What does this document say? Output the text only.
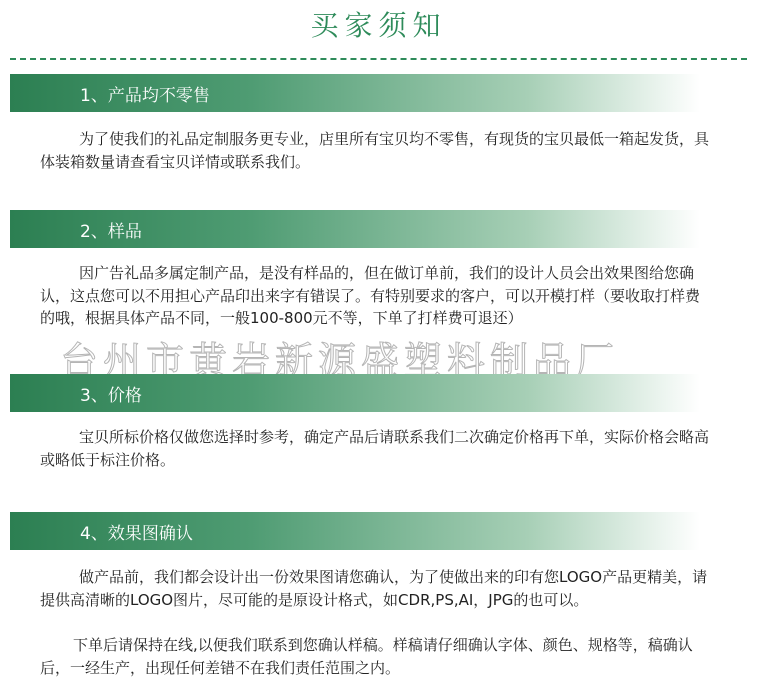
买家须知
1、产品均不零售

为了使我们的礼品定制服务更专业，店里所有宝贝均不零售，有现货的宝贝最低一箱起发货，具体装箱数量请查看宝贝详情或联系我们。

2、样品

因广告礼品多属定制产品，是没有样品的，但在做订单前，我们的设计人员会出效果图给您确认，这点您可以不用担心产品印出来字有错误了。有特别要求的客户，可以开模打样（要收取打样费的哦，根据具体产品不同，一般100-800元不等，下单了打样费可退还）

台州市黄岩新源盛塑料制品厂
3、价格

宝贝所标价格仅做您选择时参考，确定产品后请联系我们二次确定价格再下单，实际价格会略高或略低于标注价格。

4、效果图确认

做产品前，我们都会设计出一份效果图请您确认，为了使做出来的印有您LOGO产品更精美，请提供高清晰的LOGO图片，尽可能的是原设计格式，如CDR,PS,AI，JPG的也可以。

下单后请保持在线,以便我们联系到您确认样稿。样稿请仔细确认字体、颜色、规格等，稿确认后，一经生产，出现任何差错不在我们责任范围之内。
